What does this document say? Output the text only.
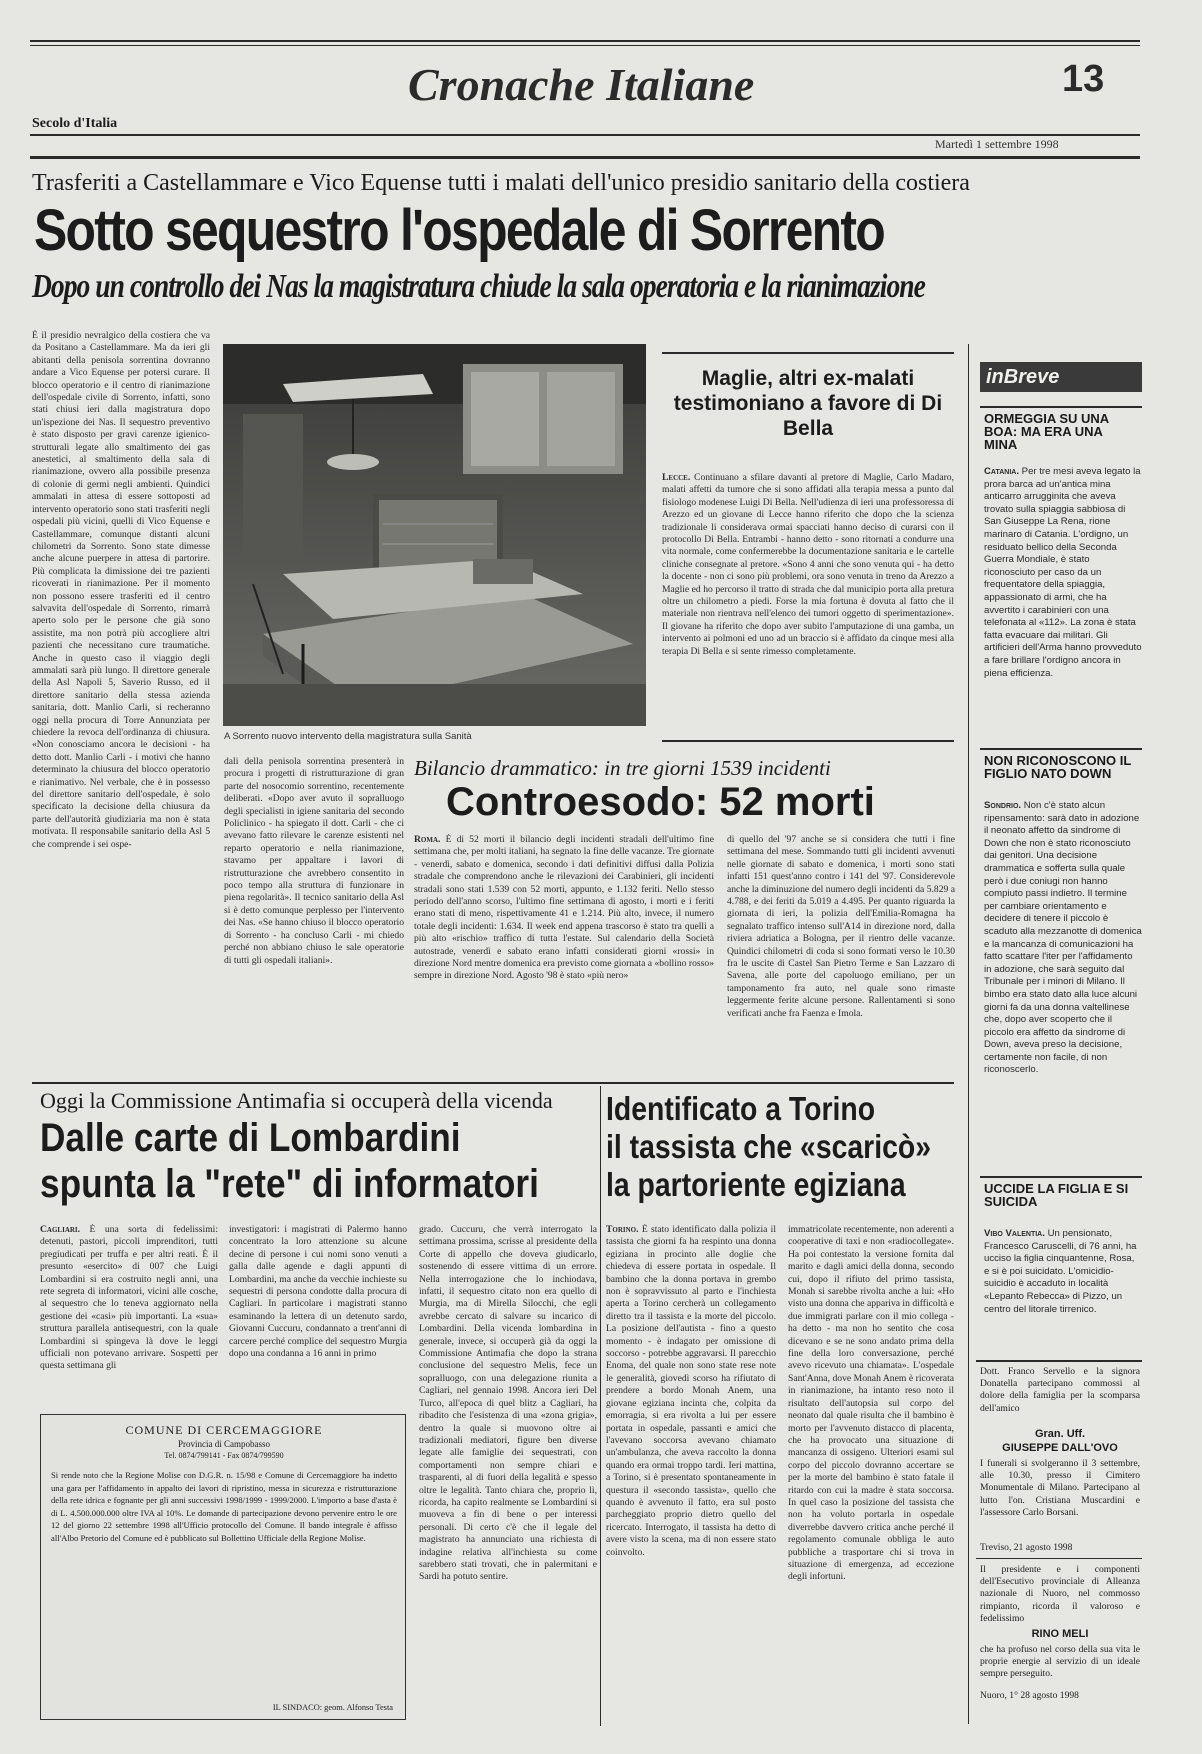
Cronache Italiane	13
Secolo d'Italia
Martedì 1 settembre 1998
Trasferiti a Castellammare e Vico Equense tutti i malati dell'unico presidio sanitario della costiera
Sotto sequestro l'ospedale di Sorrento
Dopo un controllo dei Nas la magistratura chiude la sala operatoria e la rianimazione

È il presidio nevralgico della costiera che va da Positano a Castellammare. Ma da ieri gli abitanti della penisola sorrentina dovranno andare a Vico Equense per potersi curare. Il blocco operatorio e il centro di rianimazione dell'ospedale civile di Sorrento, infatti, sono stati chiusi ieri dalla magistratura dopo un'ispezione dei Nas. Il sequestro preventivo è stato disposto per gravi carenze igienico-strutturali legate allo smaltimento dei gas anestetici, al smaltimento della sala di rianimazione, ovvero alla possibile presenza di colonie di germi negli ambienti. Quindici ammalati in attesa di essere sottoposti ad intervento operatorio sono stati trasferiti negli ospedali più vicini, quelli di Vico Equense e Castellammare, comunque distanti alcuni chilometri da Sorrento. Sono state dimesse anche alcune puerpere in attesa di partorire. Più complicata la dimissione dei tre pazienti ricoverati in rianimazione. Per il momento non possono essere trasferiti ed il centro salvavita dell'ospedale di Sorrento, rimarrà aperto solo per le persone che già sono assistite, ma non potrà più accogliere altri pazienti che necessitano cure traumatiche. Anche in questo caso il viaggio degli ammalati sarà più lungo. Il direttore generale della Asl Napoli 5, Saverio Russo, ed il direttore sanitario della stessa azienda sanitaria, dott. Manlio Carli, si recheranno oggi nella procura di Torre Annunziata per chiedere la revoca dell'ordinanza di chiusura. «Non conosciamo ancora le decisioni - ha detto dott. Manlio Carli - i motivi che hanno determinato la chiusura del blocco operatorio e rianimativo. Nel verbale, che è in possesso del direttore sanitario dell'ospedale, è solo specificato la decisione della chiusura da parte dell'autorità giudiziaria ma non è stata motivata. Il responsabile sanitario della Asl 5 che comprende i sei ospe-

A Sorrento nuovo intervento della magistratura sulla Sanità

dali della penisola sorrentina presenterà in procura i progetti di ristrutturazione di gran parte del nosocomio sorrentino, recentemente deliberati. «Dopo aver avuto il sopralluogo degli specialisti in igiene sanitaria del secondo Policlinico - ha spiegato il dott. Carli - che ci avevano fatto rilevare le carenze esistenti nel reparto operatorio e nella rianimazione, stavamo per appaltare i lavori di ristrutturazione che avrebbero consentito in poco tempo alla struttura di funzionare in piena regolarità». Il tecnico sanitario della Asl si è detto comunque perplesso per l'intervento dei Nas. «Se hanno chiuso il blocco operatorio di Sorrento - ha concluso Carli - mi chiedo perché non abbiano chiuso le sale operatorie di tutti gli ospedali italiani».

Maglie, altri ex-malati testimoniano a favore di Di Bella

Lecce. Continuano a sfilare davanti al pretore di Maglie, Carlo Madaro, malati affetti da tumore che si sono affidati alla terapia messa a punto dal fisiologo modenese Luigi Di Bella. Nell'udienza di ieri una professoressa di Arezzo ed un giovane di Lecce hanno riferito che dopo che la scienza tradizionale li considerava ormai spacciati hanno deciso di curarsi con il protocollo Di Bella. Entrambi - hanno detto - sono ritornati a condurre una vita normale, come confermerebbe la documentazione sanitaria e le cartelle cliniche consegnate al pretore. «Sono 4 anni che sono venuta qui - ha detto la docente - non ci sono più problemi, ora sono venuta in treno da Arezzo a Maglie ed ho percorso il tratto di strada che dal municipio porta alla pretura oltre un chilometro a piedi. Forse la mia fortuna è dovuta al fatto che il materiale non rientrava nell'elenco dei tumori oggetto di sperimentazione». Il giovane ha riferito che dopo aver subito l'amputazione di una gamba, un intervento ai polmoni ed uno ad un braccio si è affidato da cinque mesi alla terapia Di Bella e si sente rimesso completamente.

Bilancio drammatico: in tre giorni 1539 incidenti
Controesodo: 52 morti

Roma. È di 52 morti il bilancio degli incidenti stradali dell'ultimo fine settimana che, per molti italiani, ha segnato la fine delle vacanze. Tre giornate - venerdì, sabato e domenica, secondo i dati definitivi diffusi dalla Polizia stradale che comprendono anche le rilevazioni dei Carabinieri, gli incidenti stradali sono stati 1.539 con 52 morti, appunto, e 1.132 feriti. Nello stesso periodo dell'anno scorso, l'ultimo fine settimana di agosto, i morti e i feriti erano stati di meno, rispettivamente 41 e 1.214. Più alto, invece, il numero totale degli incidenti: 1.634. Il week end appena trascorso è stato tra quelli a più alto «rischio» traffico di tutta l'estate. Sul calendario della Società autostrade, venerdì e sabato erano infatti considerati giorni «rossi» in direzione Nord mentre domenica era previsto come giornata a «bollino rosso» sempre in direzione Nord. Agosto '98 è stato «più nero»

di quello del '97 anche se si considera che tutti i fine settimana del mese. Sommando tutti gli incidenti avvenuti nelle giornate di sabato e domenica, i morti sono stati infatti 151 quest'anno contro i 141 del '97. Considerevole anche la diminuzione del numero degli incidenti da 5.829 a 4.788, e dei feriti da 5.019 a 4.495. Per quanto riguarda la giornata di ieri, la polizia dell'Emilia-Romagna ha segnalato traffico intenso sull'A14 in direzione nord, dalla riviera adriatica a Bologna, per il rientro delle vacanze. Quindici chilometri di coda si sono formati verso le 10.30 fra le uscite di Castel San Pietro Terme e San Lazzaro di Savena, alle porte del capoluogo emiliano, per un tamponamento fra auto, nel quale sono rimaste leggermente ferite alcune persone. Rallentamenti si sono verificati anche fra Faenza e Imola.

Oggi la Commissione Antimafia si occuperà della vicenda
Dalle carte di Lombardini
spunta la "rete" di informatori

Cagliari. È una sorta di fedelissimi: detenuti, pastori, piccoli imprenditori, tutti pregiudicati per truffa e per altri reati. È il presunto «esercito» di 007 che Luigi Lombardini si era costruito negli anni, una rete segreta di informatori, vicini alle cosche, al sequestro che lo teneva aggiornato nella gestione dei «casi» più importanti. La «sua» struttura parallela antisequestri, con la quale Lombardini si spingeva là dove le leggi ufficiali non potevano arrivare. Sospetti per questa settimana gli

investigatori: i magistrati di Palermo hanno concentrato la loro attenzione su alcune decine di persone i cui nomi sono venuti a galla dalle agende e dagli appunti di Lombardini, ma anche da vecchie inchieste su sequestri di persona condotte dalla procura di Cagliari. In particolare i magistrati stanno esaminando la lettera di un detenuto sardo, Giovanni Cuccuru, condannato a trent'anni di carcere perché complice del sequestro Murgia dopo una condanna a 16 anni in primo

grado. Cuccuru, che verrà interrogato la settimana prossima, scrisse al presidente della Corte di appello che doveva giudicarlo, sostenendo di essere vittima di un errore. Nella interrogazione che lo inchiodava, infatti, il sequestro citato non era quello di Murgia, ma di Mirella Silocchi, che egli avrebbe cercato di salvare su incarico di Lombardini. Della vicenda lombardina in generale, invece, si occuperà già da oggi la Commissione Antimafia che dopo la strana conclusione del sequestro Melis, fece un sopralluogo, con una delegazione riunita a Cagliari, nel gennaio 1998. Ancora ieri Del Turco, all'epoca di quel blitz a Cagliari, ha ribadito che l'esistenza di una «zona grigia», dentro la quale si muovono oltre ai tradizionali mediatori, figure ben diverse legate alle famiglie dei sequestrati, con comportamenti non sempre chiari e trasparenti, al di fuori della legalità e spesso oltre le legalità. Tanto chiara che, proprio lì, ricorda, ha capito realmente se Lombardini si muoveva a fin di bene o per interessi personali. Di certo c'è che il legale del magistrato ha annunciato una richiesta di indagine relativa all'inchiesta su come sarebbero stati trovati, che in palermitani e Sardi ha potuto sentire.

COMUNE DI CERCEMAGGIORE
Provincia di Campobasso
Tel. 0874/799141 - Fax 0874/799590
Si rende noto che la Regione Molise con D.G.R. n. 15/98 e Comune di Cercemaggiore ha indetto una gara per l'affidamento in appalto dei lavori di ripristino, messa in sicurezza e ristrutturazione della rete idrica e fognante per gli anni successivi 1998/1999 - 1999/2000. L'importo a base d'asta è di L. 4.500.000.000 oltre IVA al 10%. Le domande di partecipazione devono pervenire entro le ore 12 del giorno 22 settembre 1998 all'Ufficio protocollo del Comune. Il bando integrale è affisso all'Albo Pretorio del Comune ed è pubblicato sul Bollettino Ufficiale della Regione Molise.
IL SINDACO: geom. Alfonso Testa
Identificato a Torino
il tassista che «scaricò»
la partoriente egiziana

Torino. È stato identificato dalla polizia il tassista che giorni fa ha respinto una donna egiziana in procinto alle doglie che chiedeva di essere portata in ospedale. Il bambino che la donna portava in grembo non è sopravvissuto al parto e l'inchiesta aperta a Torino cercherà un collegamento diretto tra il tassista e la morte del piccolo. La posizione dell'autista - fino a questo momento - è indagato per omissione di soccorso - potrebbe aggravarsi. Il parecchio Enoma, del quale non sono state rese note le generalità, giovedì scorso ha rifiutato di prendere a bordo Monah Anem, una giovane egiziana incinta che, colpita da emorragia, si era rivolta a lui per essere portata in ospedale, passanti e amici che l'avevano soccorsa avevano chiamato un'ambulanza, che aveva raccolto la donna quando era ormai troppo tardi. Ieri mattina, a Torino, si è presentato spontaneamente in questura il «secondo tassista», quello che quando è avvenuto il fatto, era sul posto parcheggiato proprio dietro quello del ricercato. Interrogato, il tassista ha detto di avere visto la scena, ma di non essere stato coinvolto.

immatricolate recentemente, non aderenti a cooperative di taxi e non «radiocollegate». Ha poi contestato la versione fornita dal marito e dagli amici della donna, secondo cui, dopo il rifiuto del primo tassista, Monah si sarebbe rivolta anche a lui: «Ho visto una donna che appariva in difficoltà e due immigrati parlare con il mio collega - ha detto - ma non ho sentito che cosa dicevano e se ne sono andato prima della fine della loro conversazione, perché avevo ricevuto una chiamata». L'ospedale Sant'Anna, dove Monah Anem è ricoverata in rianimazione, ha intanto reso noto il risultato dell'autopsia sul corpo del neonato dal quale risulta che il bambino è morto per l'avvenuto distacco di placenta, che ha provocato una situazione di mancanza di ossigeno. Ulteriori esami sul corpo del piccolo dovranno accertare se per la morte del bambino è stato fatale il ritardo con cui la madre è stata soccorsa. In quel caso la posizione del tassista che non ha voluto portarla in ospedale diverrebbe davvero critica anche perché il regolamento comunale obbliga le auto pubbliche a trasportare chi si trova in situazione di emergenza, ad eccezione degli infortuni.

inBreve
ORMEGGIA SU UNA BOA: MA ERA UNA MINA
Catania. Per tre mesi aveva legato la prora barca ad un'antica mina anticarro arrugginita che aveva trovato sulla spiaggia sabbiosa di San Giuseppe La Rena, rione marinaro di Catania. L'ordigno, un residuato bellico della Seconda Guerra Mondiale, è stato riconosciuto per caso da un frequentatore della spiaggia, appassionato di armi, che ha avvertito i carabinieri con una telefonata al «112». La zona è stata fatta evacuare dai militari. Gli artificieri dell'Arma hanno provveduto a fare brillare l'ordigno ancora in piena efficienza.
NON RICONOSCONO IL FIGLIO NATO DOWN
Sondrio. Non c'è stato alcun ripensamento: sarà dato in adozione il neonato affetto da sindrome di Down che non è stato riconosciuto dai genitori. Una decisione drammatica e sofferta sulla quale però i due coniugi non hanno compiuto passi indietro. Il termine per cambiare orientamento e decidere di tenere il piccolo è scaduto alla mezzanotte di domenica e la mancanza di comunicazioni ha fatto scattare l'iter per l'affidamento in adozione, che sarà seguito dal Tribunale per i minori di Milano. Il bimbo era stato dato alla luce alcuni giorni fa da una donna valtellinese che, dopo aver scoperto che il piccolo era affetto da sindrome di Down, aveva preso la decisione, certamente non facile, di non riconoscerlo.
UCCIDE LA FIGLIA E SI SUICIDA
Vibo Valentia. Un pensionato, Francesco Caruscelli, di 76 anni, ha ucciso la figlia cinquantenne, Rosa, e si è poi suicidato. L'omicidio-suicidio è accaduto in località «Lepanto Rebecca» di Pizzo, un centro del litorale tirrenico.
Dott. Franco Servello e la signora Donatella partecipano commossi al dolore della famiglia per la scomparsa dell'amico
Gran. Uff.
GIUSEPPE DALL'OVO
I funerali si svolgeranno il 3 settembre, alle 10.30, presso il Cimitero Monumentale di Milano. Partecipano al lutto l'on. Cristiana Muscardini e l'assessore Carlo Borsani.
Treviso, 21 agosto 1998
Il presidente e i componenti dell'Esecutivo provinciale di Alleanza nazionale di Nuoro, nel commosso rimpianto, ricorda il valoroso e fedelissimo
RINO MELI
che ha profuso nel corso della sua vita le proprie energie al servizio di un ideale sempre perseguito.
Nuoro, 1° 28 agosto 1998
